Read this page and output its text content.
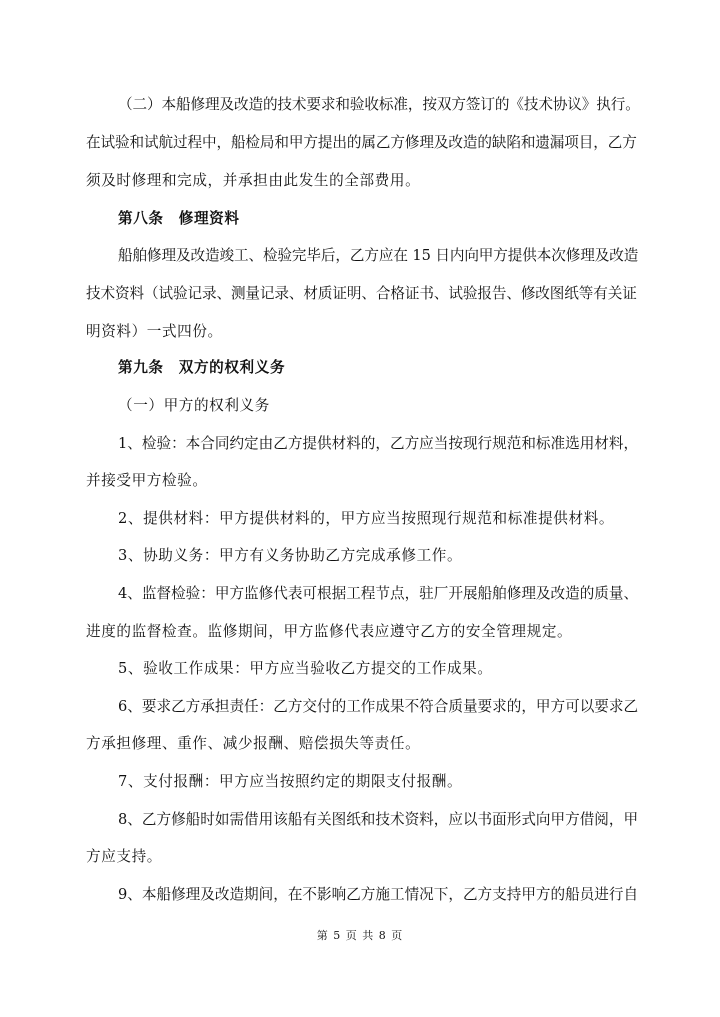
（二）本船修理及改造的技术要求和验收标准，按双方签订的《技术协议》执行。
在试验和试航过程中，船检局和甲方提出的属乙方修理及改造的缺陷和遗漏项目，乙方
须及时修理和完成，并承担由此发生的全部费用。
第八条　修理资料
船舶修理及改造竣工、检验完毕后，乙方应在 15 日内向甲方提供本次修理及改造
技术资料（试验记录、测量记录、材质证明、合格证书、试验报告、修改图纸等有关证
明资料）一式四份。
第九条　双方的权利义务
（一）甲方的权利义务
1、检验：本合同约定由乙方提供材料的，乙方应当按现行规范和标准选用材料，
并接受甲方检验。
2、提供材料：甲方提供材料的，甲方应当按照现行规范和标准提供材料。
3、协助义务：甲方有义务协助乙方完成承修工作。
4、监督检验：甲方监修代表可根据工程节点，驻厂开展船舶修理及改造的质量、
进度的监督检查。监修期间，甲方监修代表应遵守乙方的安全管理规定。
5、验收工作成果：甲方应当验收乙方提交的工作成果。
6、要求乙方承担责任：乙方交付的工作成果不符合质量要求的，甲方可以要求乙
方承担修理、重作、减少报酬、赔偿损失等责任。
7、支付报酬：甲方应当按照约定的期限支付报酬。
8、乙方修船时如需借用该船有关图纸和技术资料，应以书面形式向甲方借阅，甲
方应支持。
9、本船修理及改造期间，在不影响乙方施工情况下，乙方支持甲方的船员进行自
第 5 页 共 8 页
